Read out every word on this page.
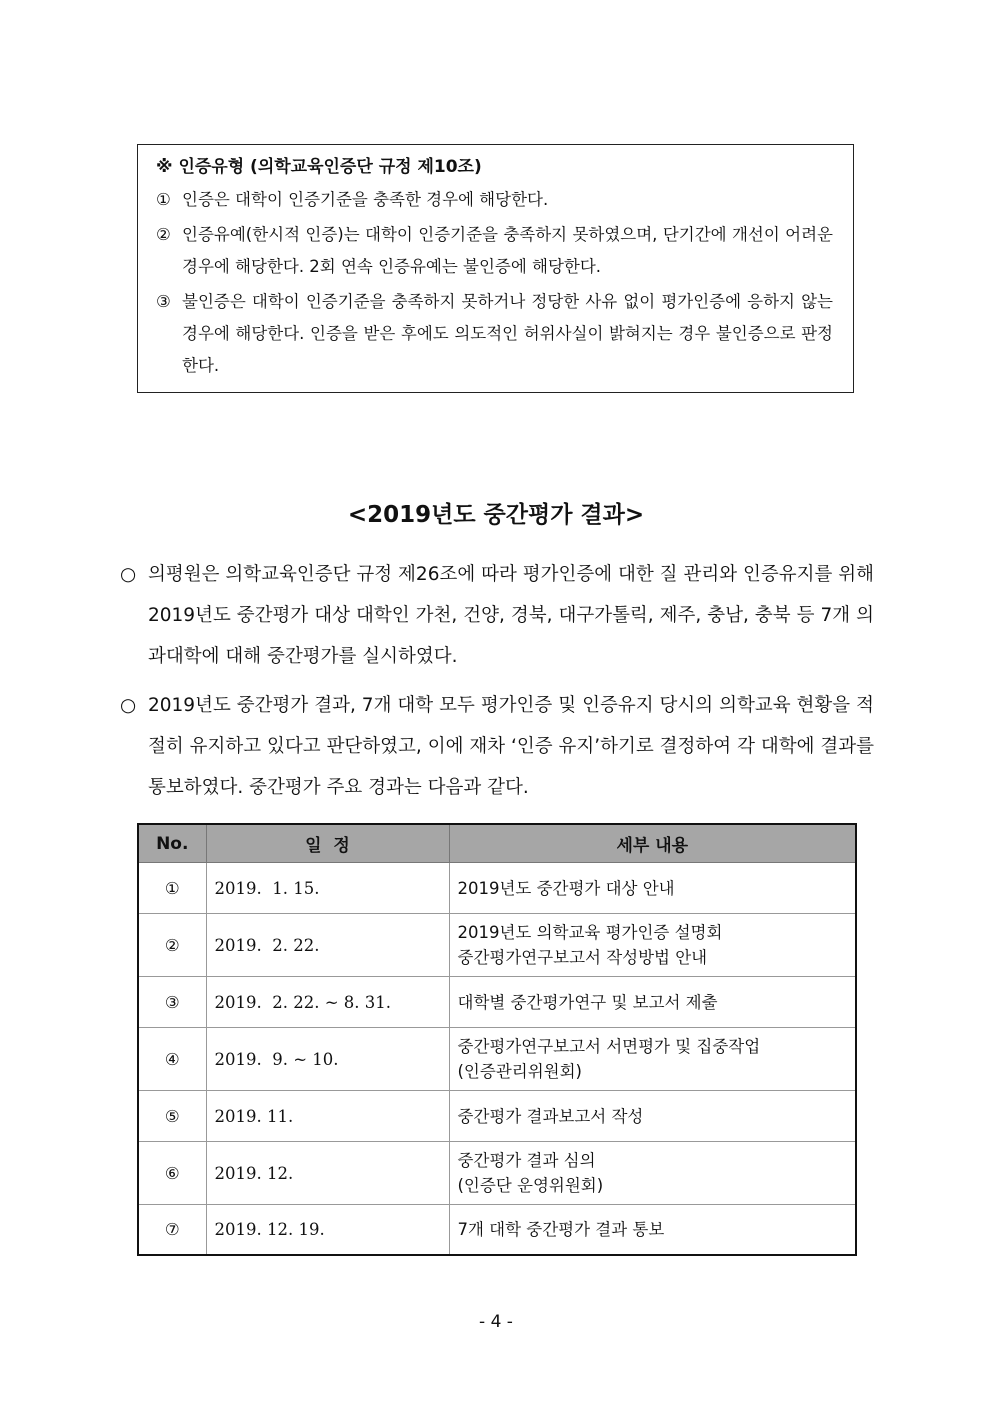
※ 인증유형 (의학교육인증단 규정 제10조)
① 인증은 대학이 인증기준을 충족한 경우에 해당한다.
② 인증유예(한시적 인증)는 대학이 인증기준을 충족하지 못하였으며, 단기간에 개선이 어려운 경우에 해당한다. 2회 연속 인증유예는 불인증에 해당한다.
③ 불인증은 대학이 인증기준을 충족하지 못하거나 정당한 사유 없이 평가인증에 응하지 않는 경우에 해당한다. 인증을 받은 후에도 의도적인 허위사실이 밝혀지는 경우 불인증으로 판정한다.
<2019년도 중간평가 결과>
○ 의평원은 의학교육인증단 규정 제26조에 따라 평가인증에 대한 질 관리와 인증유지를 위해 2019년도 중간평가 대상 대학인 가천, 건양, 경북, 대구가톨릭, 제주, 충남, 충북 등 7개 의과대학에 대해 중간평가를 실시하였다.
○ 2019년도 중간평가 결과, 7개 대학 모두 평가인증 및 인증유지 당시의 의학교육 현황을 적절히 유지하고 있다고 판단하였고, 이에 재차 ‘인증 유지’하기로 결정하여 각 대학에 결과를 통보하였다. 중간평가 주요 경과는 다음과 같다.
No.	일  정	세부 내용
①	2019.  1. 15.	2019년도 중간평가 대상 안내

②	2019.  2. 22.	2019년도 의학교육 평가인증 설명회
중간평가연구보고서 작성방법 안내

③	2019.  2. 22. ~ 8. 31.	대학별 중간평가연구 및 보고서 제출

④	2019.  9. ~ 10.	중간평가연구보고서 서면평가 및 집중작업
(인증관리위원회)

⑤	2019. 11.	중간평가 결과보고서 작성

⑥	2019. 12.	중간평가 결과 심의
(인증단 운영위원회)

⑦	2019. 12. 19.	7개 대학 중간평가 결과 통보
- 4 -
